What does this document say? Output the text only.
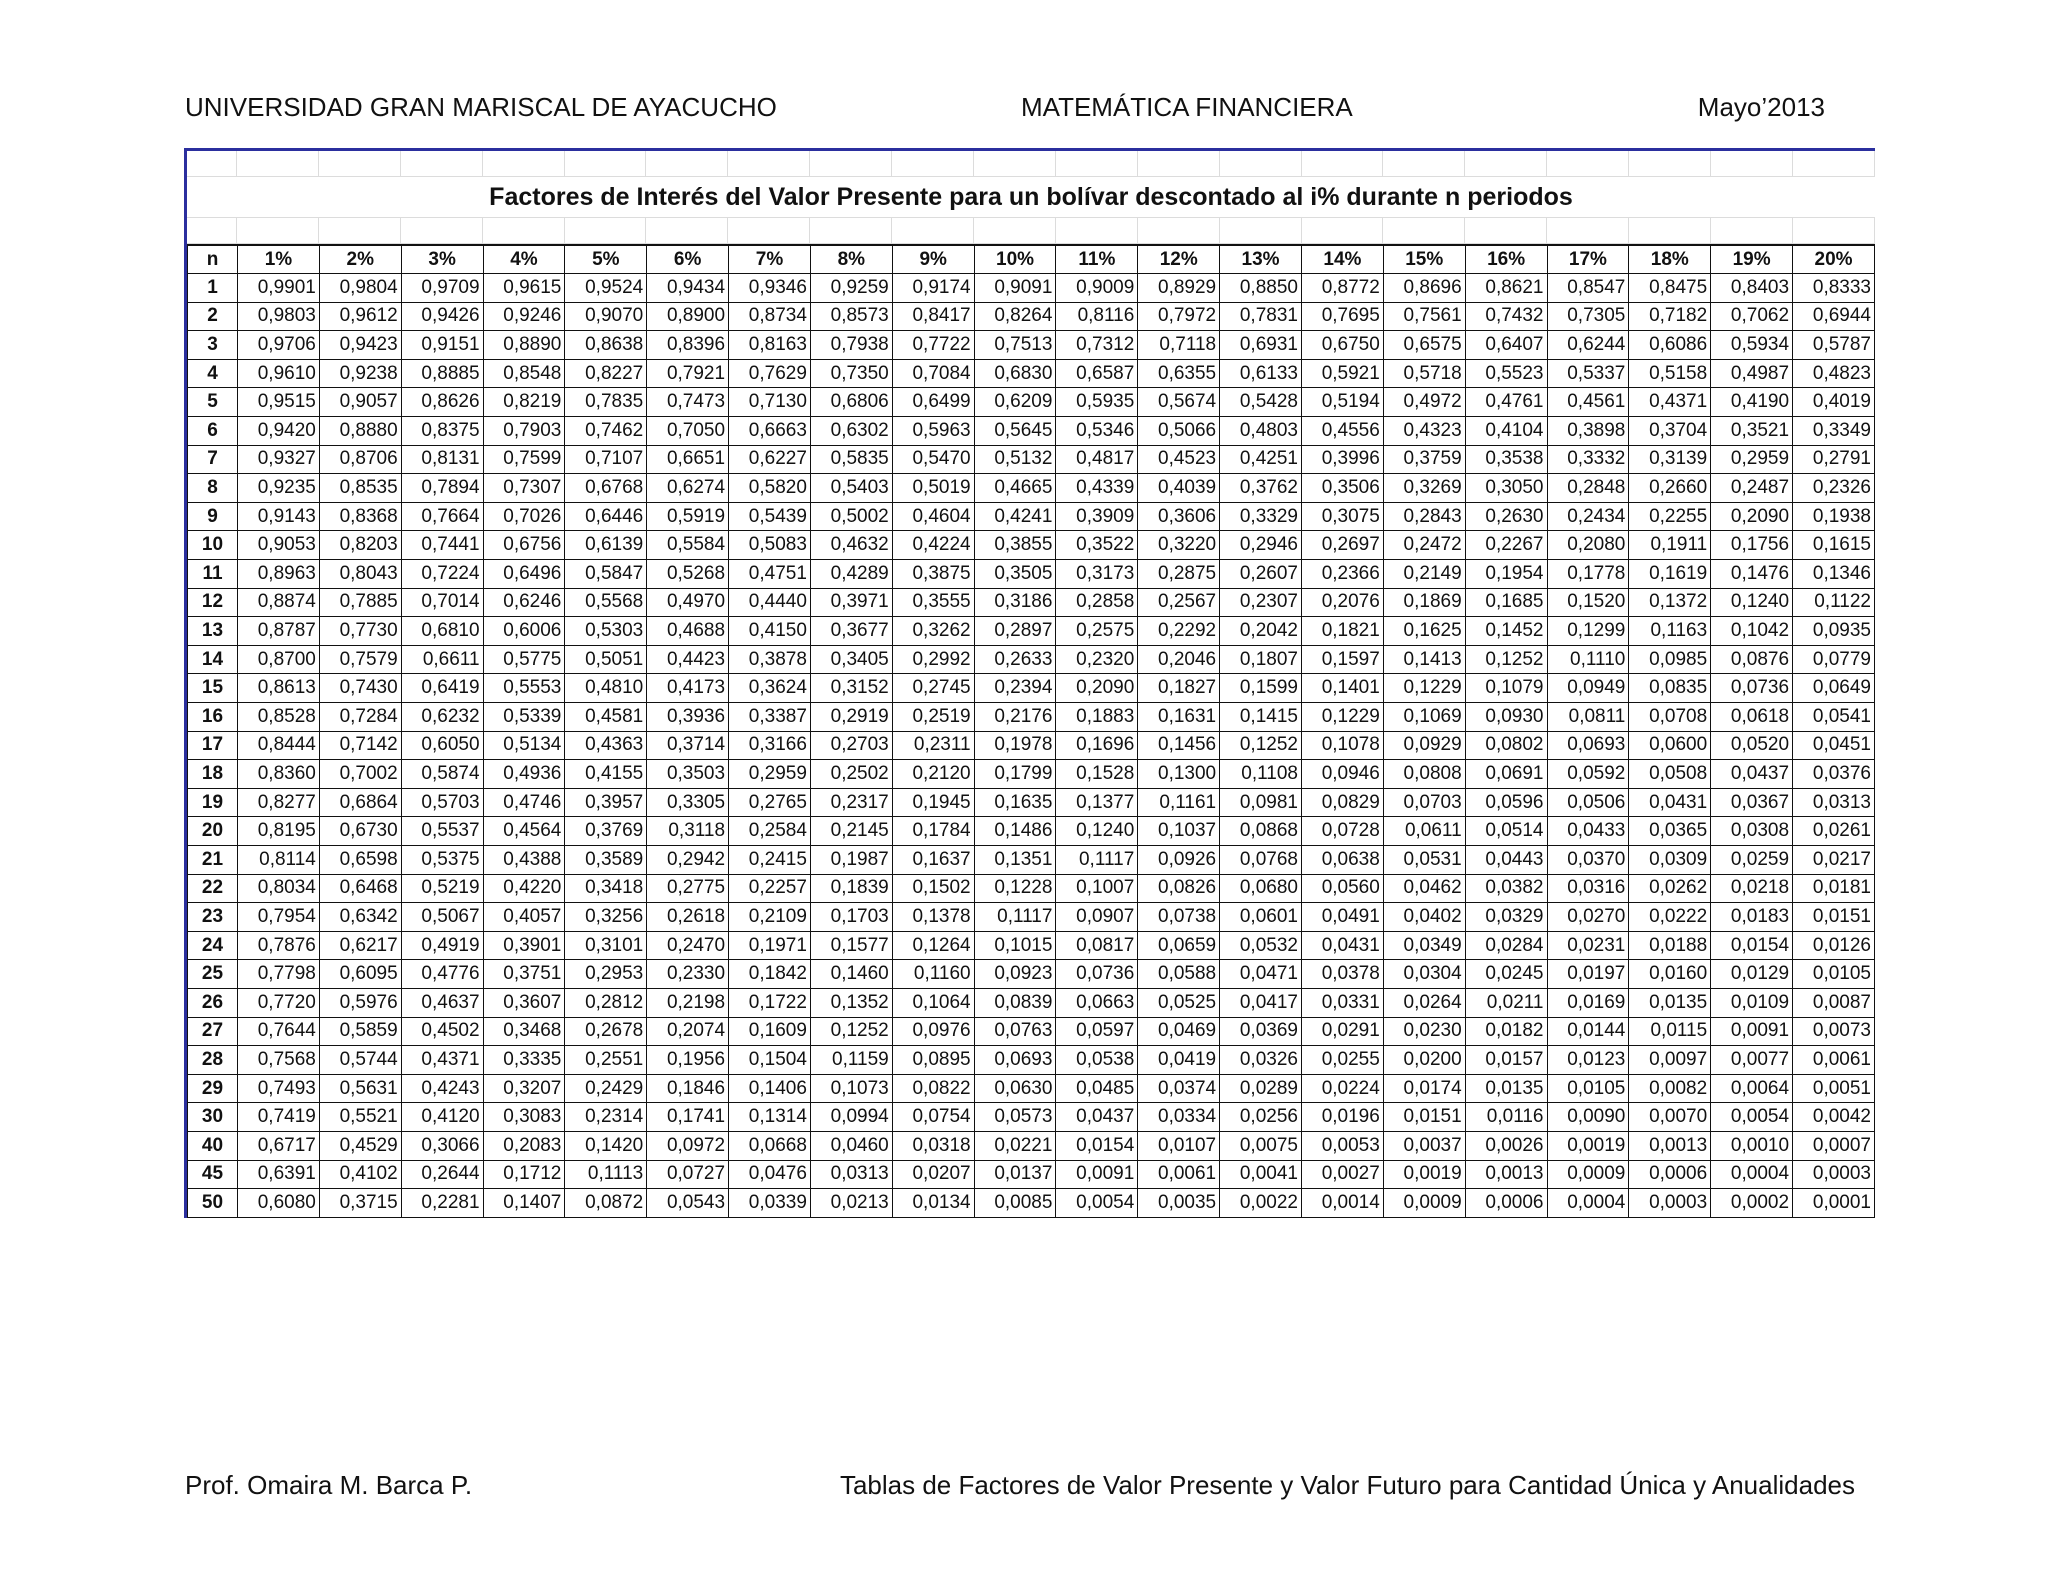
UNIVERSIDAD GRAN MARISCAL DE AYACUCHO	MATEMÁTICA FINANCIERA	Mayo’2013
Factores de Interés del Valor Presente para un bolívar descontado al i% durante n periodos
n	1%	2%	3%	4%	5%	6%	7%	8%	9%	10%	11%	12%	13%	14%	15%	16%	17%	18%	19%	20%
1	0,9901	0,9804	0,9709	0,9615	0,9524	0,9434	0,9346	0,9259	0,9174	0,9091	0,9009	0,8929	0,8850	0,8772	0,8696	0,8621	0,8547	0,8475	0,8403	0,8333
2	0,9803	0,9612	0,9426	0,9246	0,9070	0,8900	0,8734	0,8573	0,8417	0,8264	0,8116	0,7972	0,7831	0,7695	0,7561	0,7432	0,7305	0,7182	0,7062	0,6944
3	0,9706	0,9423	0,9151	0,8890	0,8638	0,8396	0,8163	0,7938	0,7722	0,7513	0,7312	0,7118	0,6931	0,6750	0,6575	0,6407	0,6244	0,6086	0,5934	0,5787
4	0,9610	0,9238	0,8885	0,8548	0,8227	0,7921	0,7629	0,7350	0,7084	0,6830	0,6587	0,6355	0,6133	0,5921	0,5718	0,5523	0,5337	0,5158	0,4987	0,4823
5	0,9515	0,9057	0,8626	0,8219	0,7835	0,7473	0,7130	0,6806	0,6499	0,6209	0,5935	0,5674	0,5428	0,5194	0,4972	0,4761	0,4561	0,4371	0,4190	0,4019
6	0,9420	0,8880	0,8375	0,7903	0,7462	0,7050	0,6663	0,6302	0,5963	0,5645	0,5346	0,5066	0,4803	0,4556	0,4323	0,4104	0,3898	0,3704	0,3521	0,3349
7	0,9327	0,8706	0,8131	0,7599	0,7107	0,6651	0,6227	0,5835	0,5470	0,5132	0,4817	0,4523	0,4251	0,3996	0,3759	0,3538	0,3332	0,3139	0,2959	0,2791
8	0,9235	0,8535	0,7894	0,7307	0,6768	0,6274	0,5820	0,5403	0,5019	0,4665	0,4339	0,4039	0,3762	0,3506	0,3269	0,3050	0,2848	0,2660	0,2487	0,2326
9	0,9143	0,8368	0,7664	0,7026	0,6446	0,5919	0,5439	0,5002	0,4604	0,4241	0,3909	0,3606	0,3329	0,3075	0,2843	0,2630	0,2434	0,2255	0,2090	0,1938
10	0,9053	0,8203	0,7441	0,6756	0,6139	0,5584	0,5083	0,4632	0,4224	0,3855	0,3522	0,3220	0,2946	0,2697	0,2472	0,2267	0,2080	0,1911	0,1756	0,1615
11	0,8963	0,8043	0,7224	0,6496	0,5847	0,5268	0,4751	0,4289	0,3875	0,3505	0,3173	0,2875	0,2607	0,2366	0,2149	0,1954	0,1778	0,1619	0,1476	0,1346
12	0,8874	0,7885	0,7014	0,6246	0,5568	0,4970	0,4440	0,3971	0,3555	0,3186	0,2858	0,2567	0,2307	0,2076	0,1869	0,1685	0,1520	0,1372	0,1240	0,1122
13	0,8787	0,7730	0,6810	0,6006	0,5303	0,4688	0,4150	0,3677	0,3262	0,2897	0,2575	0,2292	0,2042	0,1821	0,1625	0,1452	0,1299	0,1163	0,1042	0,0935
14	0,8700	0,7579	0,6611	0,5775	0,5051	0,4423	0,3878	0,3405	0,2992	0,2633	0,2320	0,2046	0,1807	0,1597	0,1413	0,1252	0,1110	0,0985	0,0876	0,0779
15	0,8613	0,7430	0,6419	0,5553	0,4810	0,4173	0,3624	0,3152	0,2745	0,2394	0,2090	0,1827	0,1599	0,1401	0,1229	0,1079	0,0949	0,0835	0,0736	0,0649
16	0,8528	0,7284	0,6232	0,5339	0,4581	0,3936	0,3387	0,2919	0,2519	0,2176	0,1883	0,1631	0,1415	0,1229	0,1069	0,0930	0,0811	0,0708	0,0618	0,0541
17	0,8444	0,7142	0,6050	0,5134	0,4363	0,3714	0,3166	0,2703	0,2311	0,1978	0,1696	0,1456	0,1252	0,1078	0,0929	0,0802	0,0693	0,0600	0,0520	0,0451
18	0,8360	0,7002	0,5874	0,4936	0,4155	0,3503	0,2959	0,2502	0,2120	0,1799	0,1528	0,1300	0,1108	0,0946	0,0808	0,0691	0,0592	0,0508	0,0437	0,0376
19	0,8277	0,6864	0,5703	0,4746	0,3957	0,3305	0,2765	0,2317	0,1945	0,1635	0,1377	0,1161	0,0981	0,0829	0,0703	0,0596	0,0506	0,0431	0,0367	0,0313
20	0,8195	0,6730	0,5537	0,4564	0,3769	0,3118	0,2584	0,2145	0,1784	0,1486	0,1240	0,1037	0,0868	0,0728	0,0611	0,0514	0,0433	0,0365	0,0308	0,0261
21	0,8114	0,6598	0,5375	0,4388	0,3589	0,2942	0,2415	0,1987	0,1637	0,1351	0,1117	0,0926	0,0768	0,0638	0,0531	0,0443	0,0370	0,0309	0,0259	0,0217
22	0,8034	0,6468	0,5219	0,4220	0,3418	0,2775	0,2257	0,1839	0,1502	0,1228	0,1007	0,0826	0,0680	0,0560	0,0462	0,0382	0,0316	0,0262	0,0218	0,0181
23	0,7954	0,6342	0,5067	0,4057	0,3256	0,2618	0,2109	0,1703	0,1378	0,1117	0,0907	0,0738	0,0601	0,0491	0,0402	0,0329	0,0270	0,0222	0,0183	0,0151
24	0,7876	0,6217	0,4919	0,3901	0,3101	0,2470	0,1971	0,1577	0,1264	0,1015	0,0817	0,0659	0,0532	0,0431	0,0349	0,0284	0,0231	0,0188	0,0154	0,0126
25	0,7798	0,6095	0,4776	0,3751	0,2953	0,2330	0,1842	0,1460	0,1160	0,0923	0,0736	0,0588	0,0471	0,0378	0,0304	0,0245	0,0197	0,0160	0,0129	0,0105
26	0,7720	0,5976	0,4637	0,3607	0,2812	0,2198	0,1722	0,1352	0,1064	0,0839	0,0663	0,0525	0,0417	0,0331	0,0264	0,0211	0,0169	0,0135	0,0109	0,0087
27	0,7644	0,5859	0,4502	0,3468	0,2678	0,2074	0,1609	0,1252	0,0976	0,0763	0,0597	0,0469	0,0369	0,0291	0,0230	0,0182	0,0144	0,0115	0,0091	0,0073
28	0,7568	0,5744	0,4371	0,3335	0,2551	0,1956	0,1504	0,1159	0,0895	0,0693	0,0538	0,0419	0,0326	0,0255	0,0200	0,0157	0,0123	0,0097	0,0077	0,0061
29	0,7493	0,5631	0,4243	0,3207	0,2429	0,1846	0,1406	0,1073	0,0822	0,0630	0,0485	0,0374	0,0289	0,0224	0,0174	0,0135	0,0105	0,0082	0,0064	0,0051
30	0,7419	0,5521	0,4120	0,3083	0,2314	0,1741	0,1314	0,0994	0,0754	0,0573	0,0437	0,0334	0,0256	0,0196	0,0151	0,0116	0,0090	0,0070	0,0054	0,0042
40	0,6717	0,4529	0,3066	0,2083	0,1420	0,0972	0,0668	0,0460	0,0318	0,0221	0,0154	0,0107	0,0075	0,0053	0,0037	0,0026	0,0019	0,0013	0,0010	0,0007
45	0,6391	0,4102	0,2644	0,1712	0,1113	0,0727	0,0476	0,0313	0,0207	0,0137	0,0091	0,0061	0,0041	0,0027	0,0019	0,0013	0,0009	0,0006	0,0004	0,0003
50	0,6080	0,3715	0,2281	0,1407	0,0872	0,0543	0,0339	0,0213	0,0134	0,0085	0,0054	0,0035	0,0022	0,0014	0,0009	0,0006	0,0004	0,0003	0,0002	0,0001
Prof. Omaira M. Barca P.	Tablas de Factores de Valor Presente y Valor Futuro para Cantidad Única y Anualidades
